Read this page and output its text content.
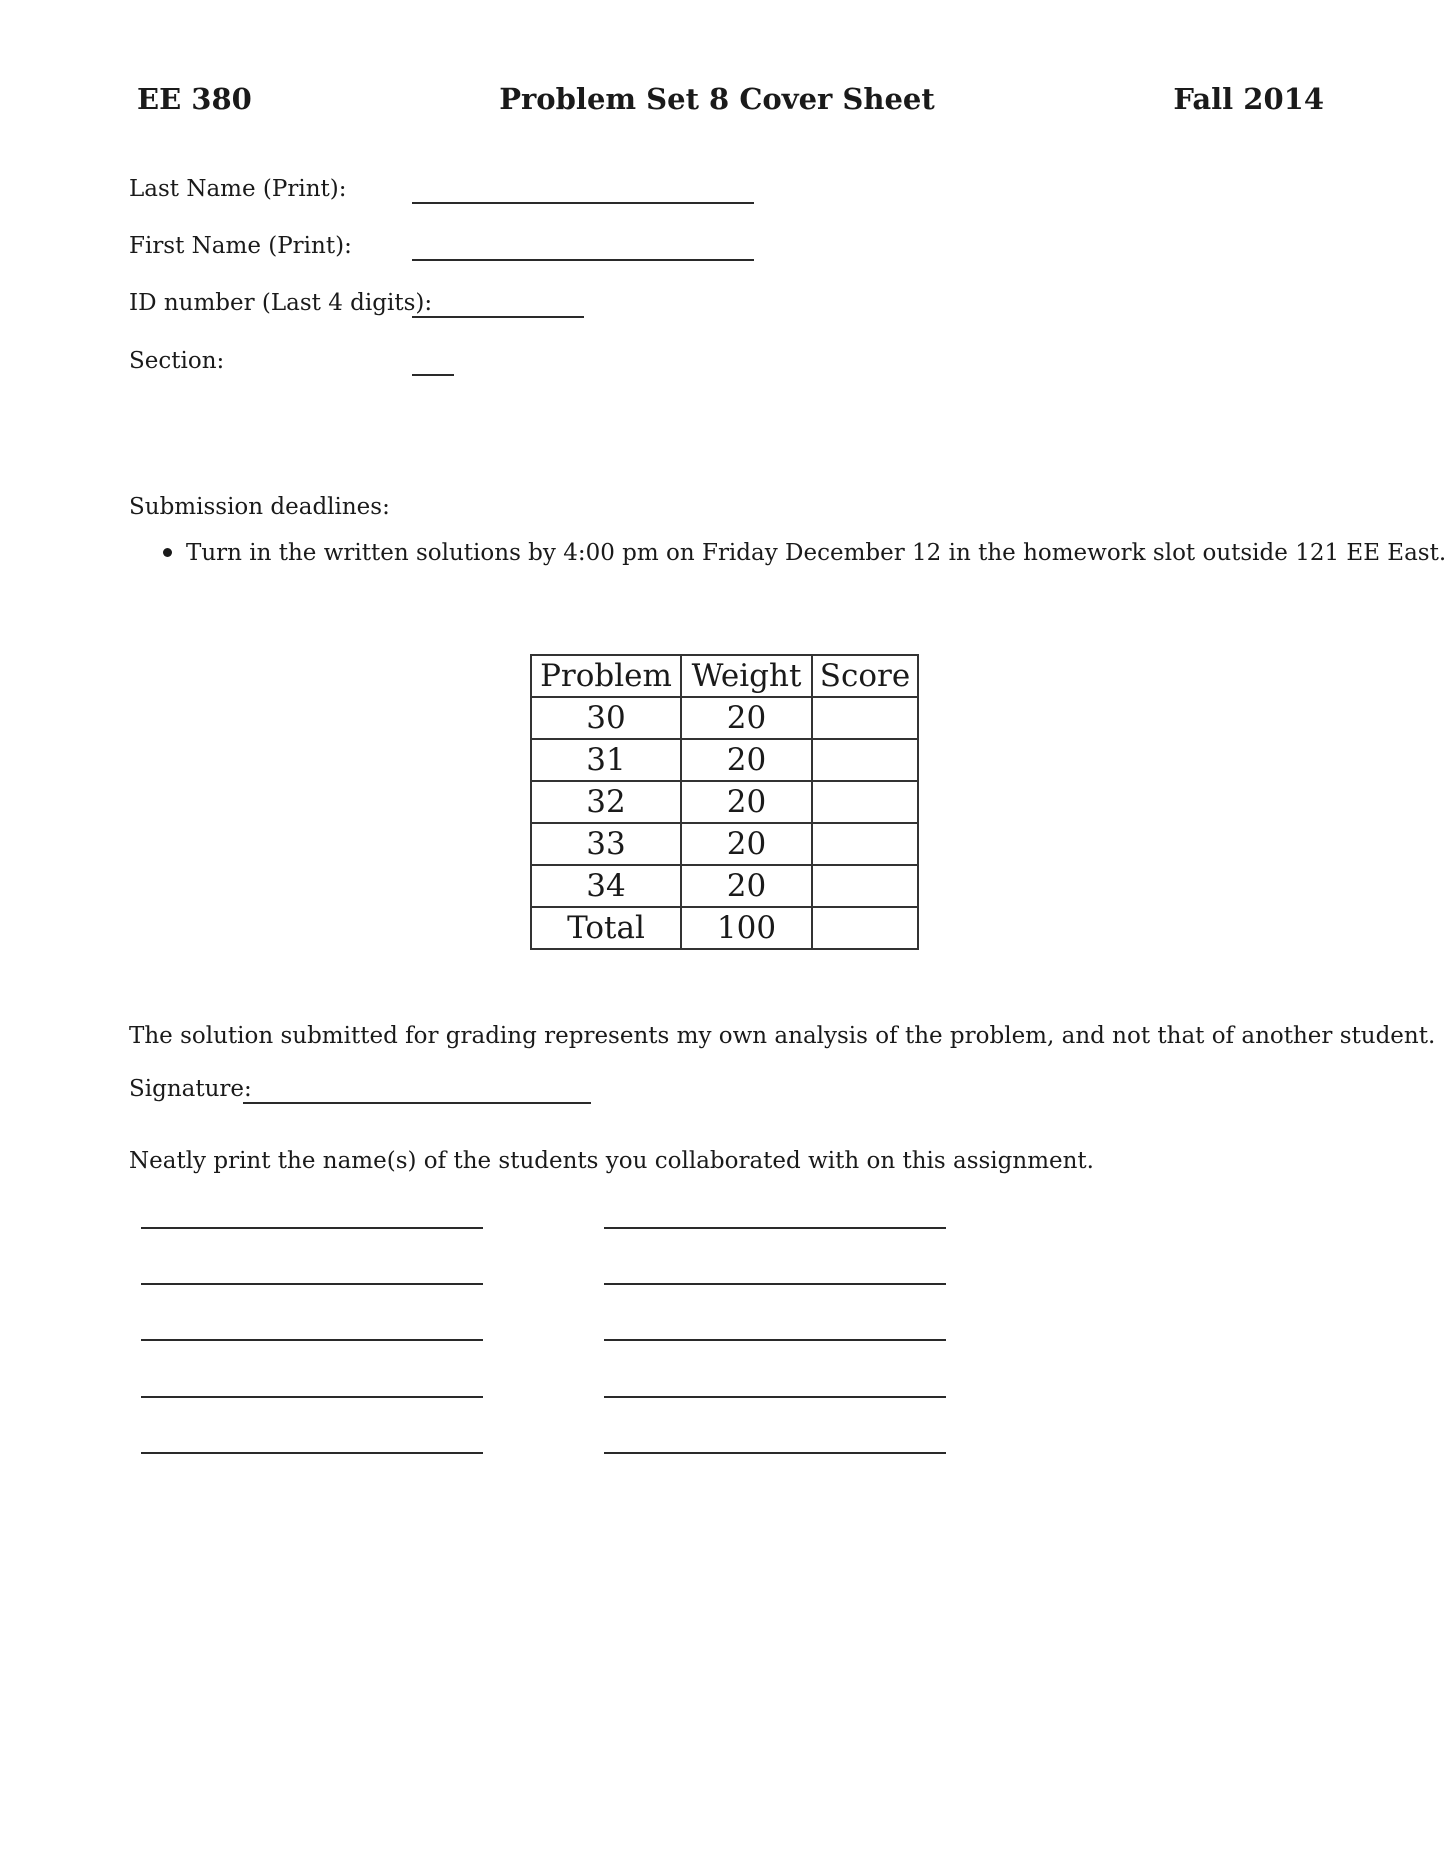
EE 380	Problem Set 8 Cover Sheet	Fall 2014
Last Name (Print):
First Name (Print):
ID number (Last 4 digits):
Section:
Submission deadlines:
Turn in the written solutions by 4:00 pm on Friday December 12 in the homework slot outside 121 EE East.
Problem	Weight	Score
30	20	
31	20	
32	20	
33	20	
34	20	
Total	100	
The solution submitted for grading represents my own analysis of the problem, and not that of another student.
Signature:
Neatly print the name(s) of the students you collaborated with on this assignment.
